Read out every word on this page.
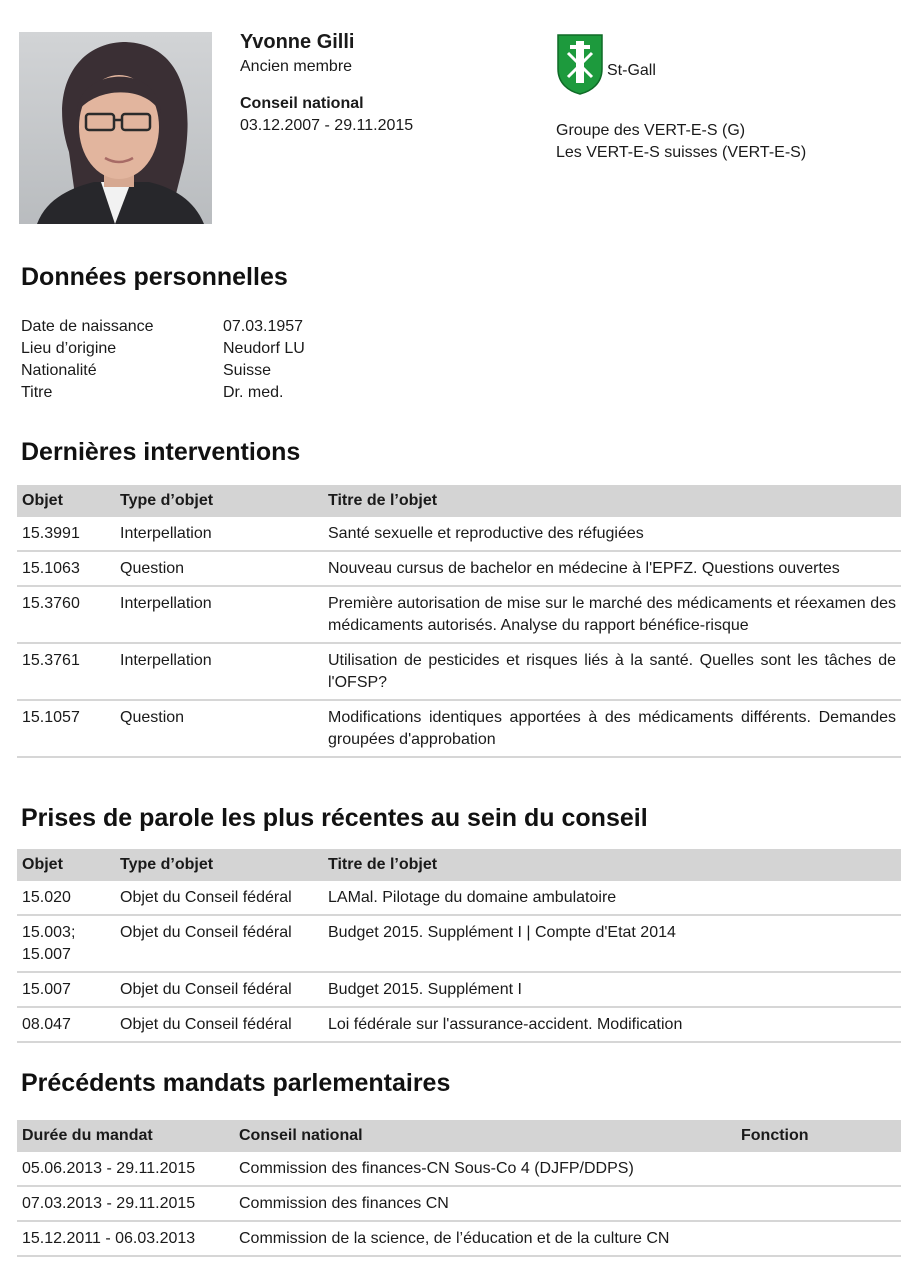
Yvonne Gilli
Ancien membre
Conseil national
03.12.2007 - 29.11.2015
St-Gall
Groupe des VERT-E-S (G)
Les VERT-E-S suisses (VERT-E-S)
Données personnelles
Date de naissance	07.03.1957
Lieu d’origine	Neudorf LU
Nationalité	Suisse
Titre	Dr. med.
Dernières interventions
Objet	Type d’objet	Titre de l’objet
15.3991	Interpellation	Santé sexuelle et reproductive des réfugiées
15.1063	Question	Nouveau cursus de bachelor en médecine à l'EPFZ. Questions ouvertes
15.3760	Interpellation	Première autorisation de mise sur le marché des médicaments et réexamen des médicaments autorisés. Analyse du rapport bénéfice-risque
15.3761	Interpellation	Utilisation de pesticides et risques liés à la santé. Quelles sont les tâches de l'OFSP?
15.1057	Question	Modifications identiques apportées à des médicaments différents. Demandes groupées d'approbation
Prises de parole les plus récentes au sein du conseil
Objet	Type d’objet	Titre de l’objet
15.020	Objet du Conseil fédéral	LAMal. Pilotage du domaine ambulatoire
15.003; 15.007	Objet du Conseil fédéral	Budget 2015. Supplément I | Compte d'Etat 2014
15.007	Objet du Conseil fédéral	Budget 2015. Supplément I
08.047	Objet du Conseil fédéral	Loi fédérale sur l'assurance-accident. Modification
Précédents mandats parlementaires
Durée du mandat	Conseil national	Fonction
05.06.2013 - 29.11.2015	Commission des finances-CN Sous-Co 4 (DJFP/DDPS)	
07.03.2013 - 29.11.2015	Commission des finances CN	
15.12.2011 - 06.03.2013	Commission de la science, de l’éducation et de la culture CN	
